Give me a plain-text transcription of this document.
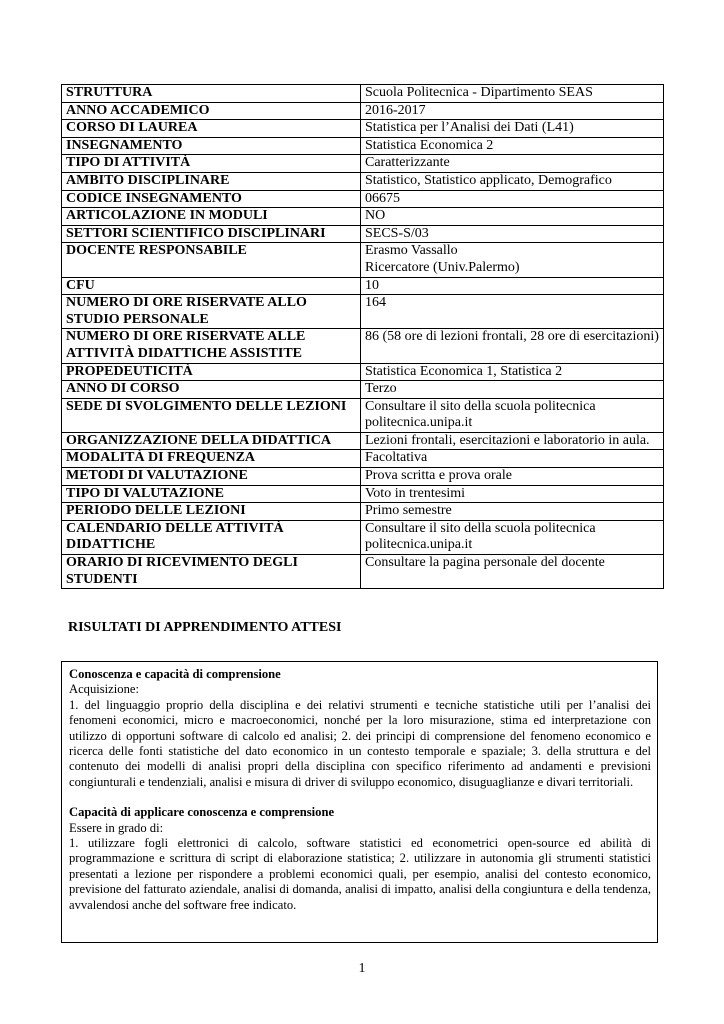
STRUTTURA	Scuola Politecnica - Dipartimento SEAS
ANNO ACCADEMICO	2016-2017
CORSO DI LAUREA	Statistica per l’Analisi dei Dati (L41)
INSEGNAMENTO	Statistica Economica 2
TIPO DI ATTIVITÀ	Caratterizzante
AMBITO DISCIPLINARE	Statistico, Statistico applicato, Demografico
CODICE INSEGNAMENTO	06675
ARTICOLAZIONE IN MODULI	NO
SETTORI SCIENTIFICO DISCIPLINARI	SECS-S/03
DOCENTE RESPONSABILE	Erasmo Vassallo
Ricercatore (Univ.Palermo)

CFU	10
NUMERO DI ORE RISERVATE ALLO STUDIO PERSONALE	164
NUMERO DI ORE RISERVATE ALLE ATTIVITÀ DIDATTICHE ASSISTITE	86 (58 ore di lezioni frontali, 28 ore di esercitazioni)
PROPEDEUTICITÀ	Statistica Economica 1, Statistica 2
ANNO DI CORSO	Terzo
SEDE DI SVOLGIMENTO DELLE LEZIONI	Consultare il sito della scuola politecnica politecnica.unipa.it
ORGANIZZAZIONE DELLA DIDATTICA	Lezioni frontali, esercitazioni e laboratorio in aula.
MODALITÀ DI FREQUENZA	Facoltativa
METODI DI VALUTAZIONE	Prova scritta e prova orale
TIPO DI VALUTAZIONE	Voto in trentesimi
PERIODO DELLE LEZIONI	Primo semestre
CALENDARIO DELLE ATTIVITÀ DIDATTICHE	Consultare il sito della scuola politecnica politecnica.unipa.it
ORARIO DI RICEVIMENTO DEGLI STUDENTI	Consultare la pagina personale del docente
RISULTATI DI APPRENDIMENTO ATTESI
Conoscenza e capacità di comprensione

Acquisizione:

1. del linguaggio proprio della disciplina e dei relativi strumenti e tecniche statistiche utili per l’analisi dei fenomeni economici, micro e macroeconomici, nonché per la loro misurazione, stima ed interpretazione con utilizzo di opportuni software di calcolo ed analisi; 2. dei principi di comprensione del fenomeno economico e ricerca delle fonti statistiche del dato economico in un contesto temporale e spaziale; 3. della struttura e del contenuto dei modelli di analisi propri della disciplina con specifico riferimento ad andamenti e previsioni congiunturali e tendenziali, analisi e misura di driver di sviluppo economico, disuguaglianze e divari territoriali.

Capacità di applicare conoscenza e comprensione

Essere in grado di:

1. utilizzare fogli elettronici di calcolo, software statistici ed econometrici open-source ed abilità di programmazione e scrittura di script di elaborazione statistica; 2. utilizzare in autonomia gli strumenti statistici presentati a lezione per rispondere a problemi economici quali, per esempio, analisi del contesto economico, previsione del fatturato aziendale, analisi di domanda, analisi di impatto, analisi della congiuntura e della tendenza, avvalendosi anche del software free indicato.

1
